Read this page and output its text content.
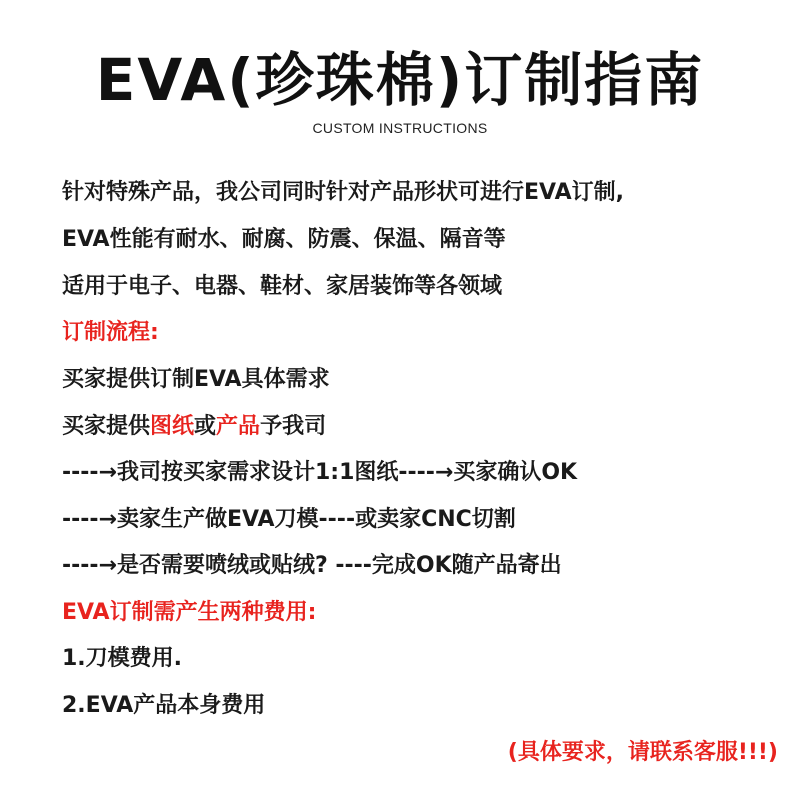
EVA(珍珠棉)订制指南
CUSTOM INSTRUCTIONS
针对特殊产品，我公司同时针对产品形状可进行EVA订制,
EVA性能有耐水、耐腐、防震、保温、隔音等
适用于电子、电器、鞋材、家居装饰等各领域
订制流程:
买家提供订制EVA具体需求
买家提供图纸或产品予我司
----→我司按买家需求设计1:1图纸----→买家确认OK
----→卖家生产做EVA刀模----或卖家CNC切割
----→是否需要喷绒或贴绒? ----完成OK随产品寄出
EVA订制需产生两种费用:
1.刀模费用.
2.EVA产品本身费用
(具体要求，请联系客服!!!)
